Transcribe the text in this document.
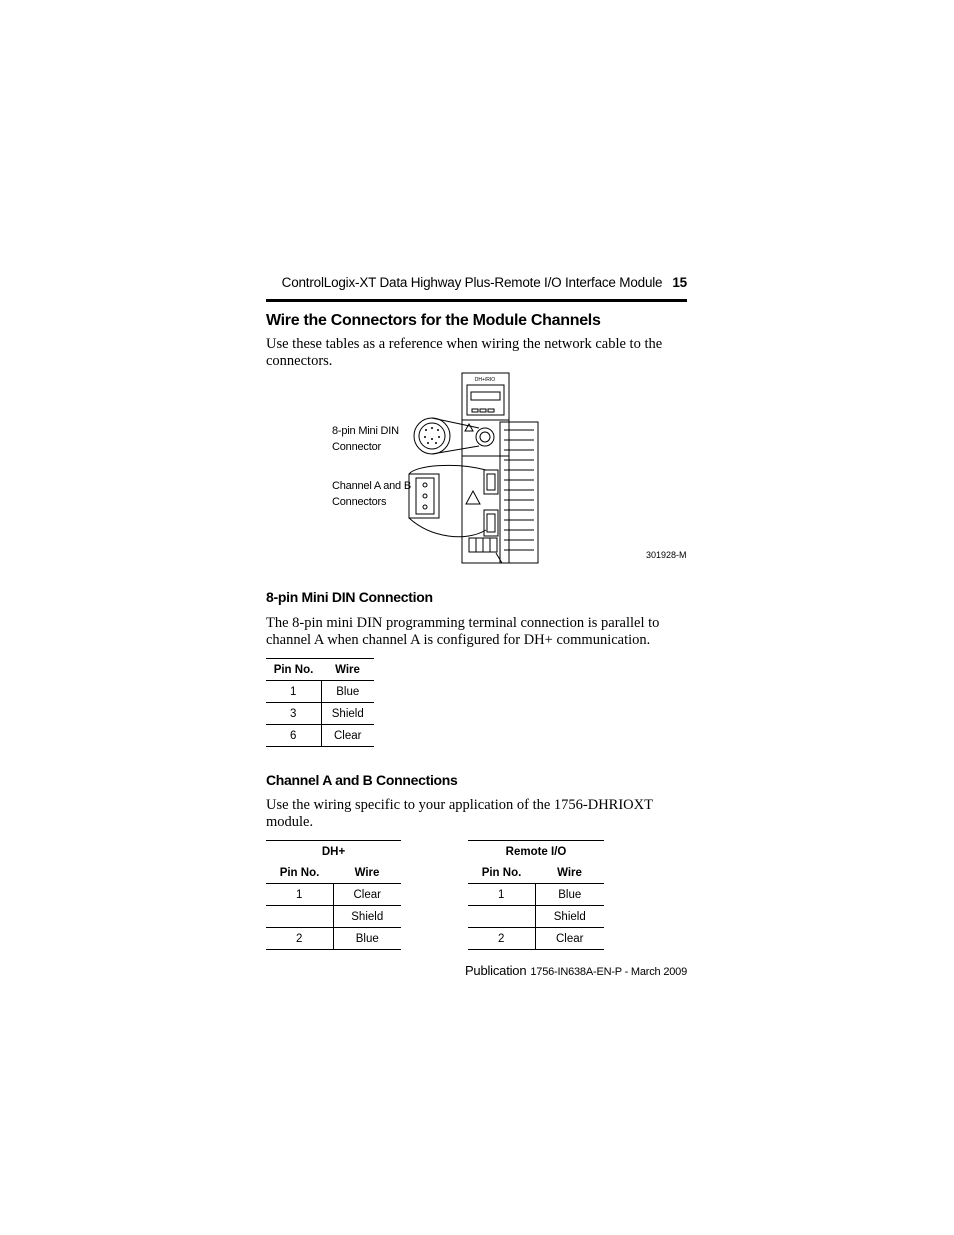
ControlLogix-XT Data Highway Plus-Remote I/O Interface Module 15
Wire the Connectors for the Module Channels

Use these tables as a reference when wiring the network cable to the connectors.

DH+/RIO
8-pin Mini DIN
Connector
Channel A and B
Connectors
301928-M
8-pin Mini DIN Connection

The 8-pin mini DIN programming terminal connection is parallel to channel A when channel A is configured for DH+ communication.

Pin No.	Wire
1	Blue
3	Shield
6	Clear
Channel A and B Connections

Use the wiring specific to your application of the 1756-DHRIOXT module.

DH+	
Pin No.	Wire
1	Clear
	Shield
2	Blue
Remote I/O	
Pin No.	Wire
1	Blue
	Shield
2	Clear
Publication 1756-IN638A-EN-P - March 2009
